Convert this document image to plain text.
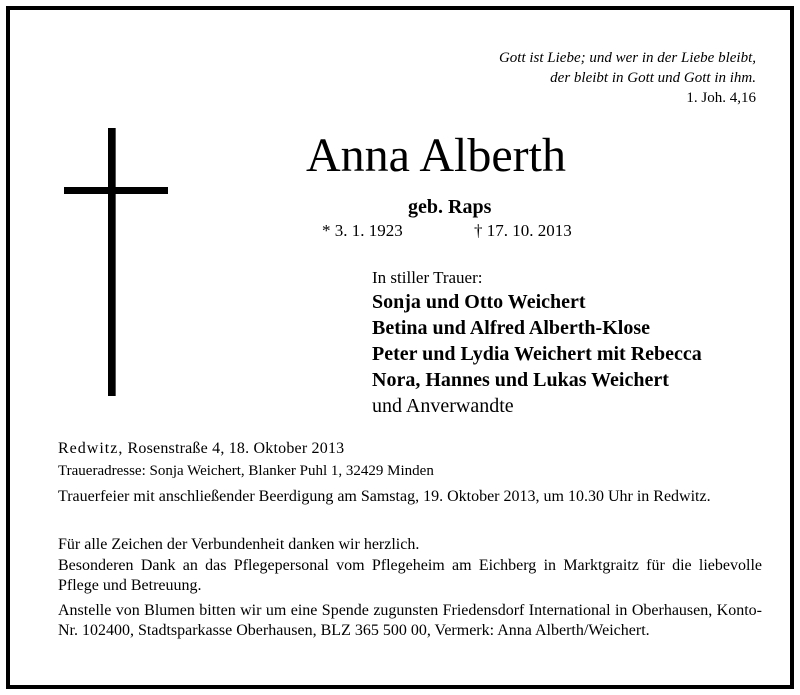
Gott ist Liebe; und wer in der Liebe bleibt,
der bleibt in Gott und Gott in ihm.
1. Joh. 4,16
Anna Alberth
geb. Raps
* 3. 1. 1923	† 17. 10. 2013
In stiller Trauer:
Sonja und Otto Weichert
Betina und Alfred Alberth-Klose
Peter und Lydia Weichert mit Rebecca
Nora, Hannes und Lukas Weichert
und Anverwandte
Redwitz, Rosenstraße 4, 18. Oktober 2013
Traueradresse: Sonja Weichert, Blanker Puhl 1, 32429 Minden
Trauerfeier mit anschließender Beerdigung am Samstag, 19. Oktober 2013, um 10.30 Uhr in Redwitz.
Für alle Zeichen der Verbundenheit danken wir herzlich.
Besonderen Dank an das Pflegepersonal vom Pflegeheim am Eichberg in Marktgraitz für die liebevolle Pflege und Betreuung.
Anstelle von Blumen bitten wir um eine Spende zugunsten Friedensdorf International in Oberhausen, Konto-Nr. 102400, Stadtsparkasse Oberhausen, BLZ 365 500 00, Vermerk: Anna Alberth/Weichert.
